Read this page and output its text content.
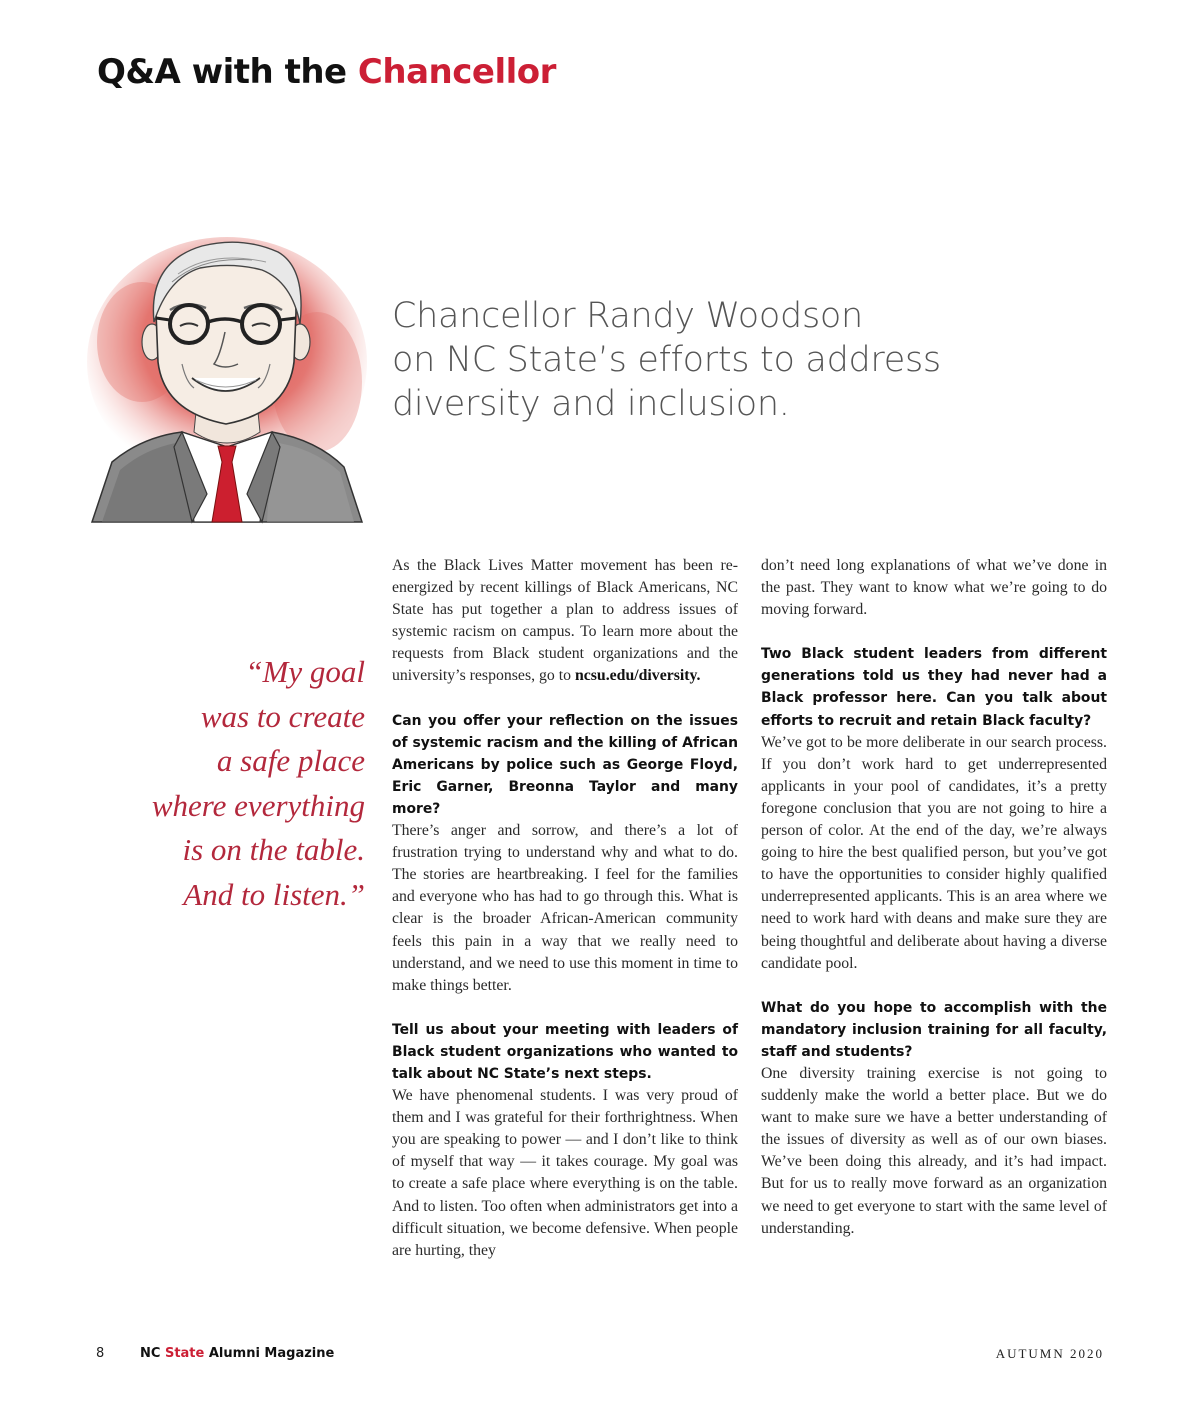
Q&A with the Chancellor
Chancellor Randy Woodson
on NC State’s efforts to address
diversity and inclusion.
“My goal
was to create
a safe place
where everything
is on the table.
And to listen.”

As the Black Lives Matter movement has been re-energized by recent killings of Black Americans, NC State has put together a plan to address issues of systemic racism on campus. To learn more about the requests from Black student organizations and the university’s responses, go to ncsu.edu/diversity.

Can you offer your reflection on the issues of systemic racism and the killing of African Americans by police such as George Floyd, Eric Garner, Breonna Taylor and many more?

There’s anger and sorrow, and there’s a lot of frustration trying to understand why and what to do. The stories are heartbreaking. I feel for the families and everyone who has had to go through this. What is clear is the broader African-American community feels this pain in a way that we really need to understand, and we need to use this moment in time to make things better.

Tell us about your meeting with leaders of Black student organizations who wanted to talk about NC State’s next steps.

We have phenomenal students. I was very proud of them and I was grateful for their forthrightness. When you are speaking to power — and I don’t like to think of myself that way — it takes courage. My goal was to create a safe place where everything is on the table. And to listen. Too often when administrators get into a difficult situation, we become defensive. When people are hurting, they

don’t need long explanations of what we’ve done in the past. They want to know what we’re going to do moving forward.

Two Black student leaders from different generations told us they had never had a Black professor here. Can you talk about efforts to recruit and retain Black faculty?

We’ve got to be more deliberate in our search process. If you don’t work hard to get underrepresented applicants in your pool of candidates, it’s a pretty foregone conclusion that you are not going to hire a person of color. At the end of the day, we’re always going to hire the best qualified person, but you’ve got to have the opportunities to consider highly qualified underrepresented applicants. This is an area where we need to work hard with deans and make sure they are being thoughtful and deliberate about having a diverse candidate pool.

What do you hope to accomplish with the mandatory inclusion training for all faculty, staff and students?

One diversity training exercise is not going to suddenly make the world a better place. But we do want to make sure we have a better understanding of the issues of diversity as well as of our own biases. We’ve been doing this already, and it’s had impact. But for us to really move forward as an organization we need to get everyone to start with the same level of understanding.

8	NC State Alumni Magazine	AUTUMN 2020
